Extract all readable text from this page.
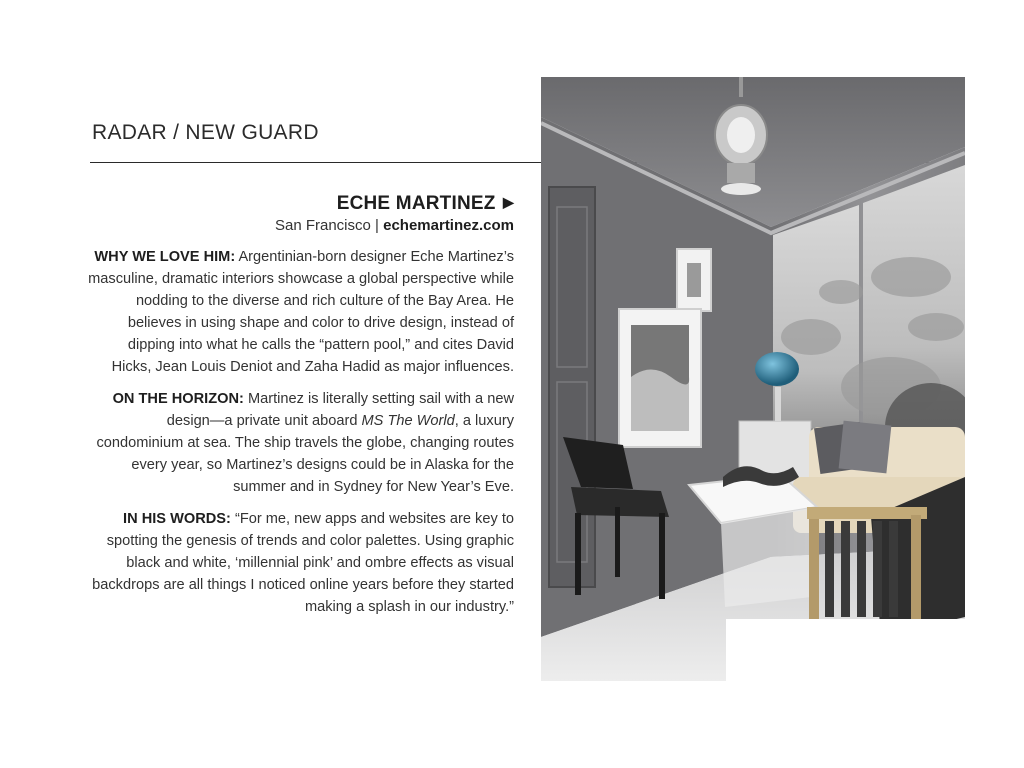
RADAR / NEW GUARD
ECHE MARTINEZ ▶
San Francisco | echemartinez.com

WHY WE LOVE HIM: Argentinian-born designer Eche Martinez’s masculine, dramatic interiors showcase a global perspective while nodding to the diverse and rich culture of the Bay Area. He believes in using shape and color to drive design, instead of dipping into what he calls the “pattern pool,” and cites David Hicks, Jean Louis Deniot and Zaha Hadid as major influences.

ON THE HORIZON: Martinez is literally setting sail with a new design—a private unit aboard MS The World, a luxury condominium at sea. The ship travels the globe, changing routes every year, so Martinez’s designs could be in Alaska for the summer and in Sydney for New Year’s Eve.

IN HIS WORDS: “For me, new apps and websites are key to spotting the genesis of trends and color palettes. Using graphic black and white, ‘millennial pink’ and ombre effects as visual backdrops are all things I noticed online years before they started making a splash in our industry.”
